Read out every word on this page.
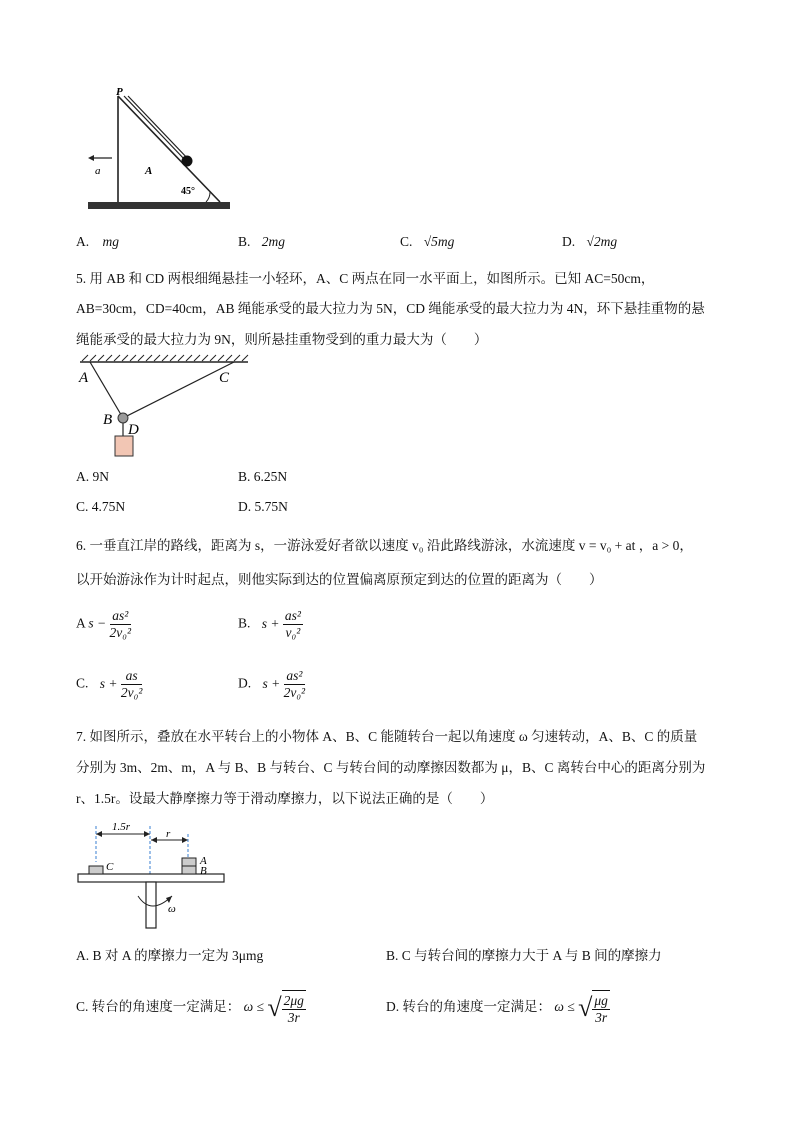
P
a	A
45°
A. mg	B. 2mg	C. √5mg	D. √2mg
5. 用 AB 和 CD 两根细绳悬挂一小轻环，A、C 两点在同一水平面上，如图所示。已知 AC=50cm，
AB=30cm，CD=40cm，AB 绳能承受的最大拉力为 5N，CD 绳能承受的最大拉力为 4N，环下悬挂重物的悬
绳能承受的最大拉力为 9N，则所悬挂重物受到的重力最大为（　　）
A	C
B
D
A. 9N	B. 6.25N
C. 4.75N	D. 5.75N
6. 一垂直江岸的路线，距离为 s，一游泳爱好者欲以速度 v₀ 沿此路线游泳，水流速度 v = v₀ + at ，a > 0，
以开始游泳作为计时起点，则他实际到达的位置偏离原预定到达的位置的距离为（　　）
A $s - \frac{\text{as²}}{\text{2v₀²}}$	B. $s + \frac{\text{as²}}{\text{v₀²}}$
C. $s + \frac{as}{\text{2v₀²}}$	D. $s + \frac{\text{as²}}{\text{2v₀²}}$
7. 如图所示，叠放在水平转台上的小物体 A、B、C 能随转台一起以角速度 ω 匀速转动，A、B、C 的质量
分别为 3m、2m、m，A 与 B、B 与转台、C 与转台间的动摩擦因数都为 μ，B、C 离转台中心的距离分别为
r、1.5r。设最大静摩擦力等于滑动摩擦力，以下说法正确的是（　　）
1.5r
r
C	A
B
ω
A. B 对 A 的摩擦力一定为 3μmg	B. C 与转台间的摩擦力大于 A 与 B 间的摩擦力
C. 转台的角速度一定满足： ω ≤ √ $\frac{2\mu g}{3r}$	D. 转台的角速度一定满足： ω ≤ √ $\frac{\mu g}{3r}$
